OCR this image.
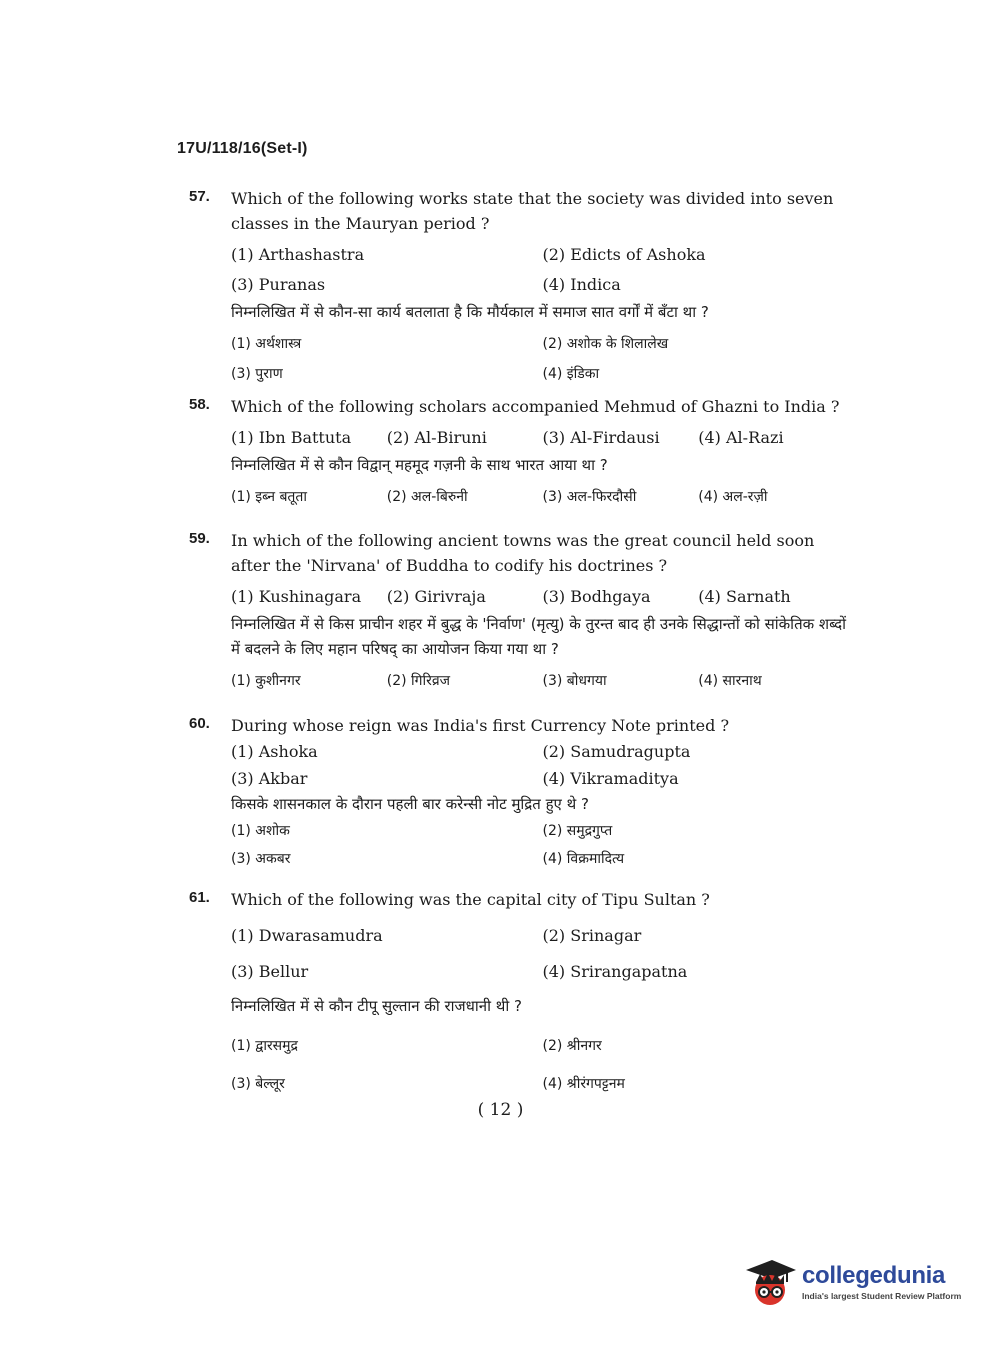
17U/118/16(Set-I)
57.	Which of the following works state that the society was divided into seven classes in the Mauryan period ?
(1) Arthashastra	(2) Edicts of Ashoka
(3) Puranas	(4) Indica
निम्नलिखित में से कौन-सा कार्य बतलाता है कि मौर्यकाल में समाज सात वर्गों में बँटा था ?
(1) अर्थशास्त्र	(2) अशोक के शिलालेख
(3) पुराण	(4) इंडिका
58.	Which of the following scholars accompanied Mehmud of Ghazni to India ?
(1) Ibn Battuta	(2) Al-Biruni	(3) Al-Firdausi	(4) Al-Razi
निम्नलिखित में से कौन विद्वान् महमूद गज़नी के साथ भारत आया था ?
(1) इब्न बतूता	(2) अल-बिरुनी	(3) अल-फिरदौसी	(4) अल-रज़ी
59.	In which of the following ancient towns was the great council held soon after the 'Nirvana' of Buddha to codify his doctrines ?
(1) Kushinagara	(2) Girivraja	(3) Bodhgaya	(4) Sarnath
निम्नलिखित में से किस प्राचीन शहर में बुद्ध के 'निर्वाण' (मृत्यु) के तुरन्त बाद ही उनके सिद्धान्तों को सांकेतिक शब्दों में बदलने के लिए महान परिषद् का आयोजन किया गया था ?
(1) कुशीनगर	(2) गिरिव्रज	(3) बोधगया	(4) सारनाथ
60.	During whose reign was India's first Currency Note printed ?
(1) Ashoka	(2) Samudragupta
(3) Akbar	(4) Vikramaditya
किसके शासनकाल के दौरान पहली बार करेन्सी नोट मुद्रित हुए थे ?
(1) अशोक	(2) समुद्रगुप्त
(3) अकबर	(4) विक्रमादित्य
61.	Which of the following was the capital city of Tipu Sultan ?
(1) Dwarasamudra	(2) Srinagar
(3) Bellur	(4) Srirangapatna
निम्नलिखित में से कौन टीपू सुल्तान की राजधानी थी ?
(1) द्वारसमुद्र	(2) श्रीनगर
(3) बेल्लूर	(4) श्रीरंगपट्टनम
( 12 )
collegedunia
India's largest Student Review Platform
